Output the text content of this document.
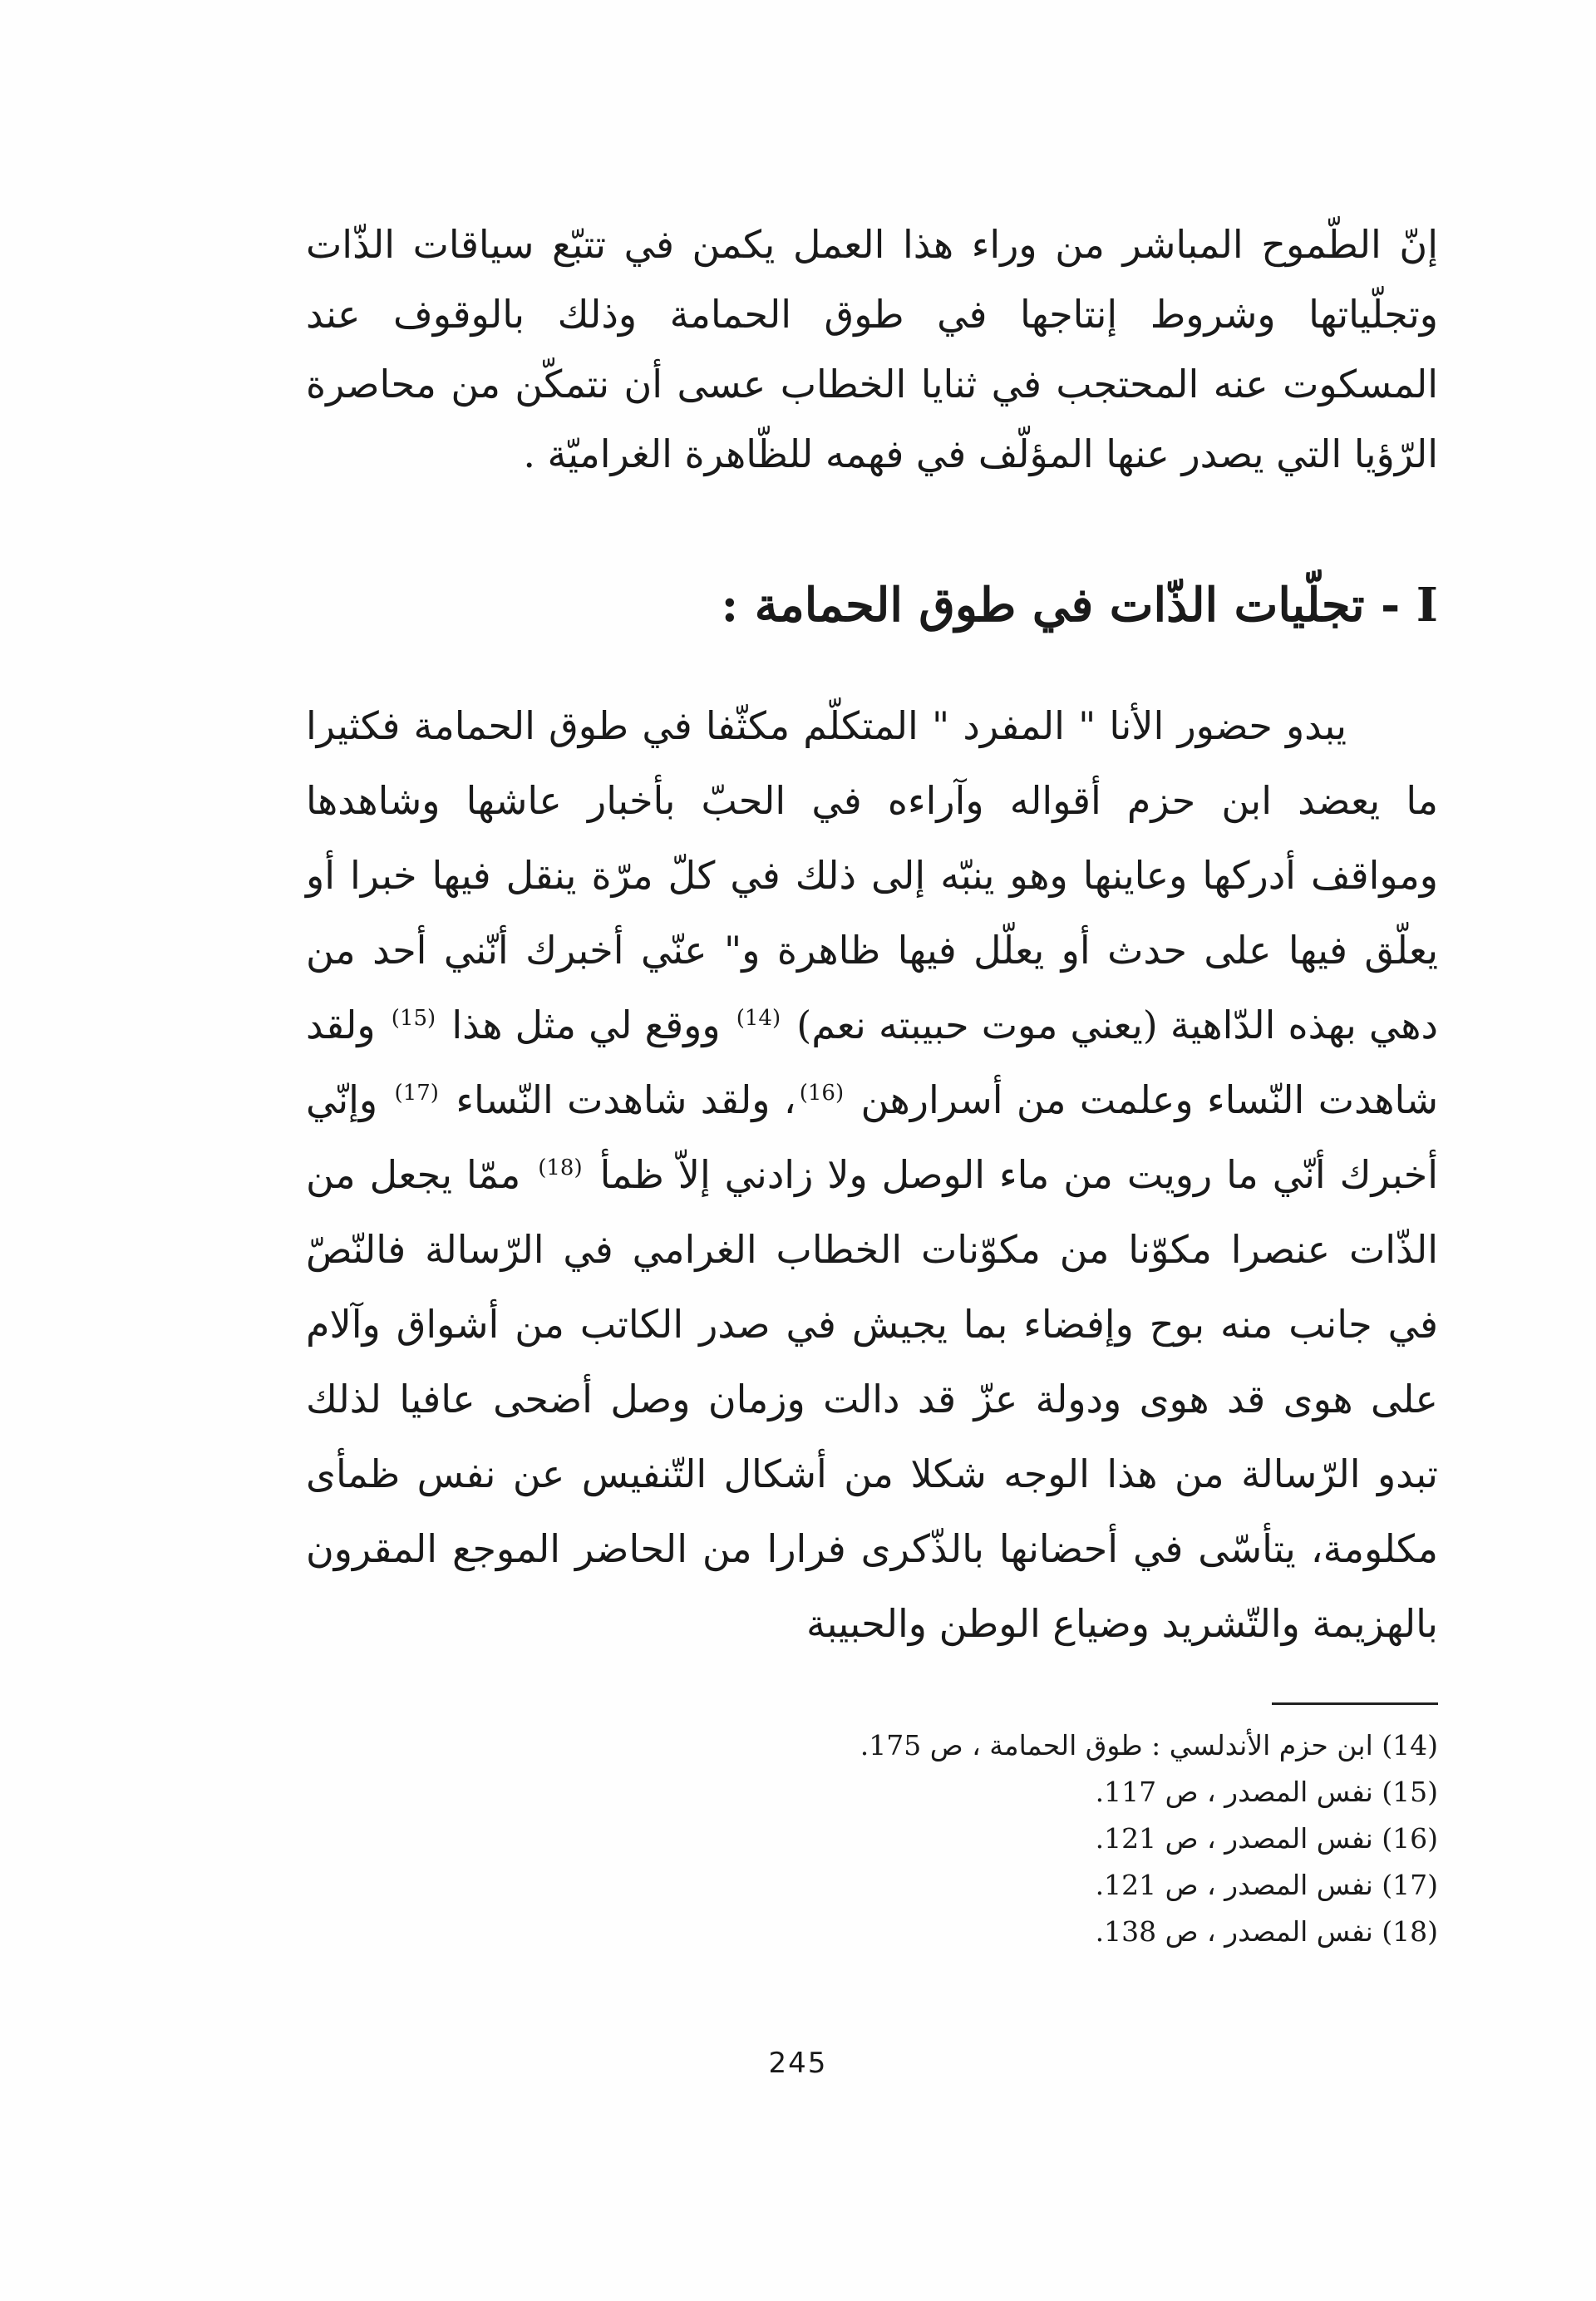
إنّ الطّموح المباشر من وراء هذا العمل يكمن في تتبّع سياقات الذّات وتجلّياتها وشروط إنتاجها في طوق الحمامة وذلك بالوقوف عند المسكوت عنه المحتجب في ثنايا الخطاب عسى أن نتمكّن من محاصرة الرّؤيا التي يصدر عنها المؤلّف في فهمه للظّاهرة الغراميّة .

I - تجلّيات الذّات في طوق الحمامة :

يبدو حضور الأنا " المفرد " المتكلّم مكثّفا في طوق الحمامة فكثيرا ما يعضد ابن حزم أقواله وآراءه في الحبّ بأخبار عاشها وشاهدها ومواقف أدركها وعاينها وهو ينبّه إلى ذلك في كلّ مرّة ينقل فيها خبرا أو يعلّق فيها على حدث أو يعلّل فيها ظاهرة و" عنّي أخبرك أنّني أحد من دهي بهذه الدّاهية (يعني موت حبيبته نعم) $^{(14)}$ ووقع لي مثل هذا $^{(15)}$ ولقد شاهدت النّساء وعلمت من أسرارهن $^{(16)}$، ولقد شاهدت النّساء $^{(17)}$ وإنّي أخبرك أنّي ما رويت من ماء الوصل ولا زادني إلاّ ظمأ $^{(18)}$ ممّا يجعل من الذّات عنصرا مكوّنا من مكوّنات الخطاب الغرامي في الرّسالة فالنّصّ في جانب منه بوح وإفضاء بما يجيش في صدر الكاتب من أشواق وآلام على هوى قد هوى ودولة عزّ قد دالت وزمان وصل أضحى عافيا لذلك تبدو الرّسالة من هذا الوجه شكلا من أشكال التّنفيس عن نفس ظمأى مكلومة، يتأسّى في أحضانها بالذّكرى فرارا من الحاضر الموجع المقرون بالهزيمة والتّشريد وضياع الوطن والحبيبة

(14) ابن حزم الأندلسي : طوق الحمامة ، ص 175.
(15) نفس المصدر ، ص 117.
(16) نفس المصدر ، ص 121.
(17) نفس المصدر ، ص 121.
(18) نفس المصدر ، ص 138.
245
